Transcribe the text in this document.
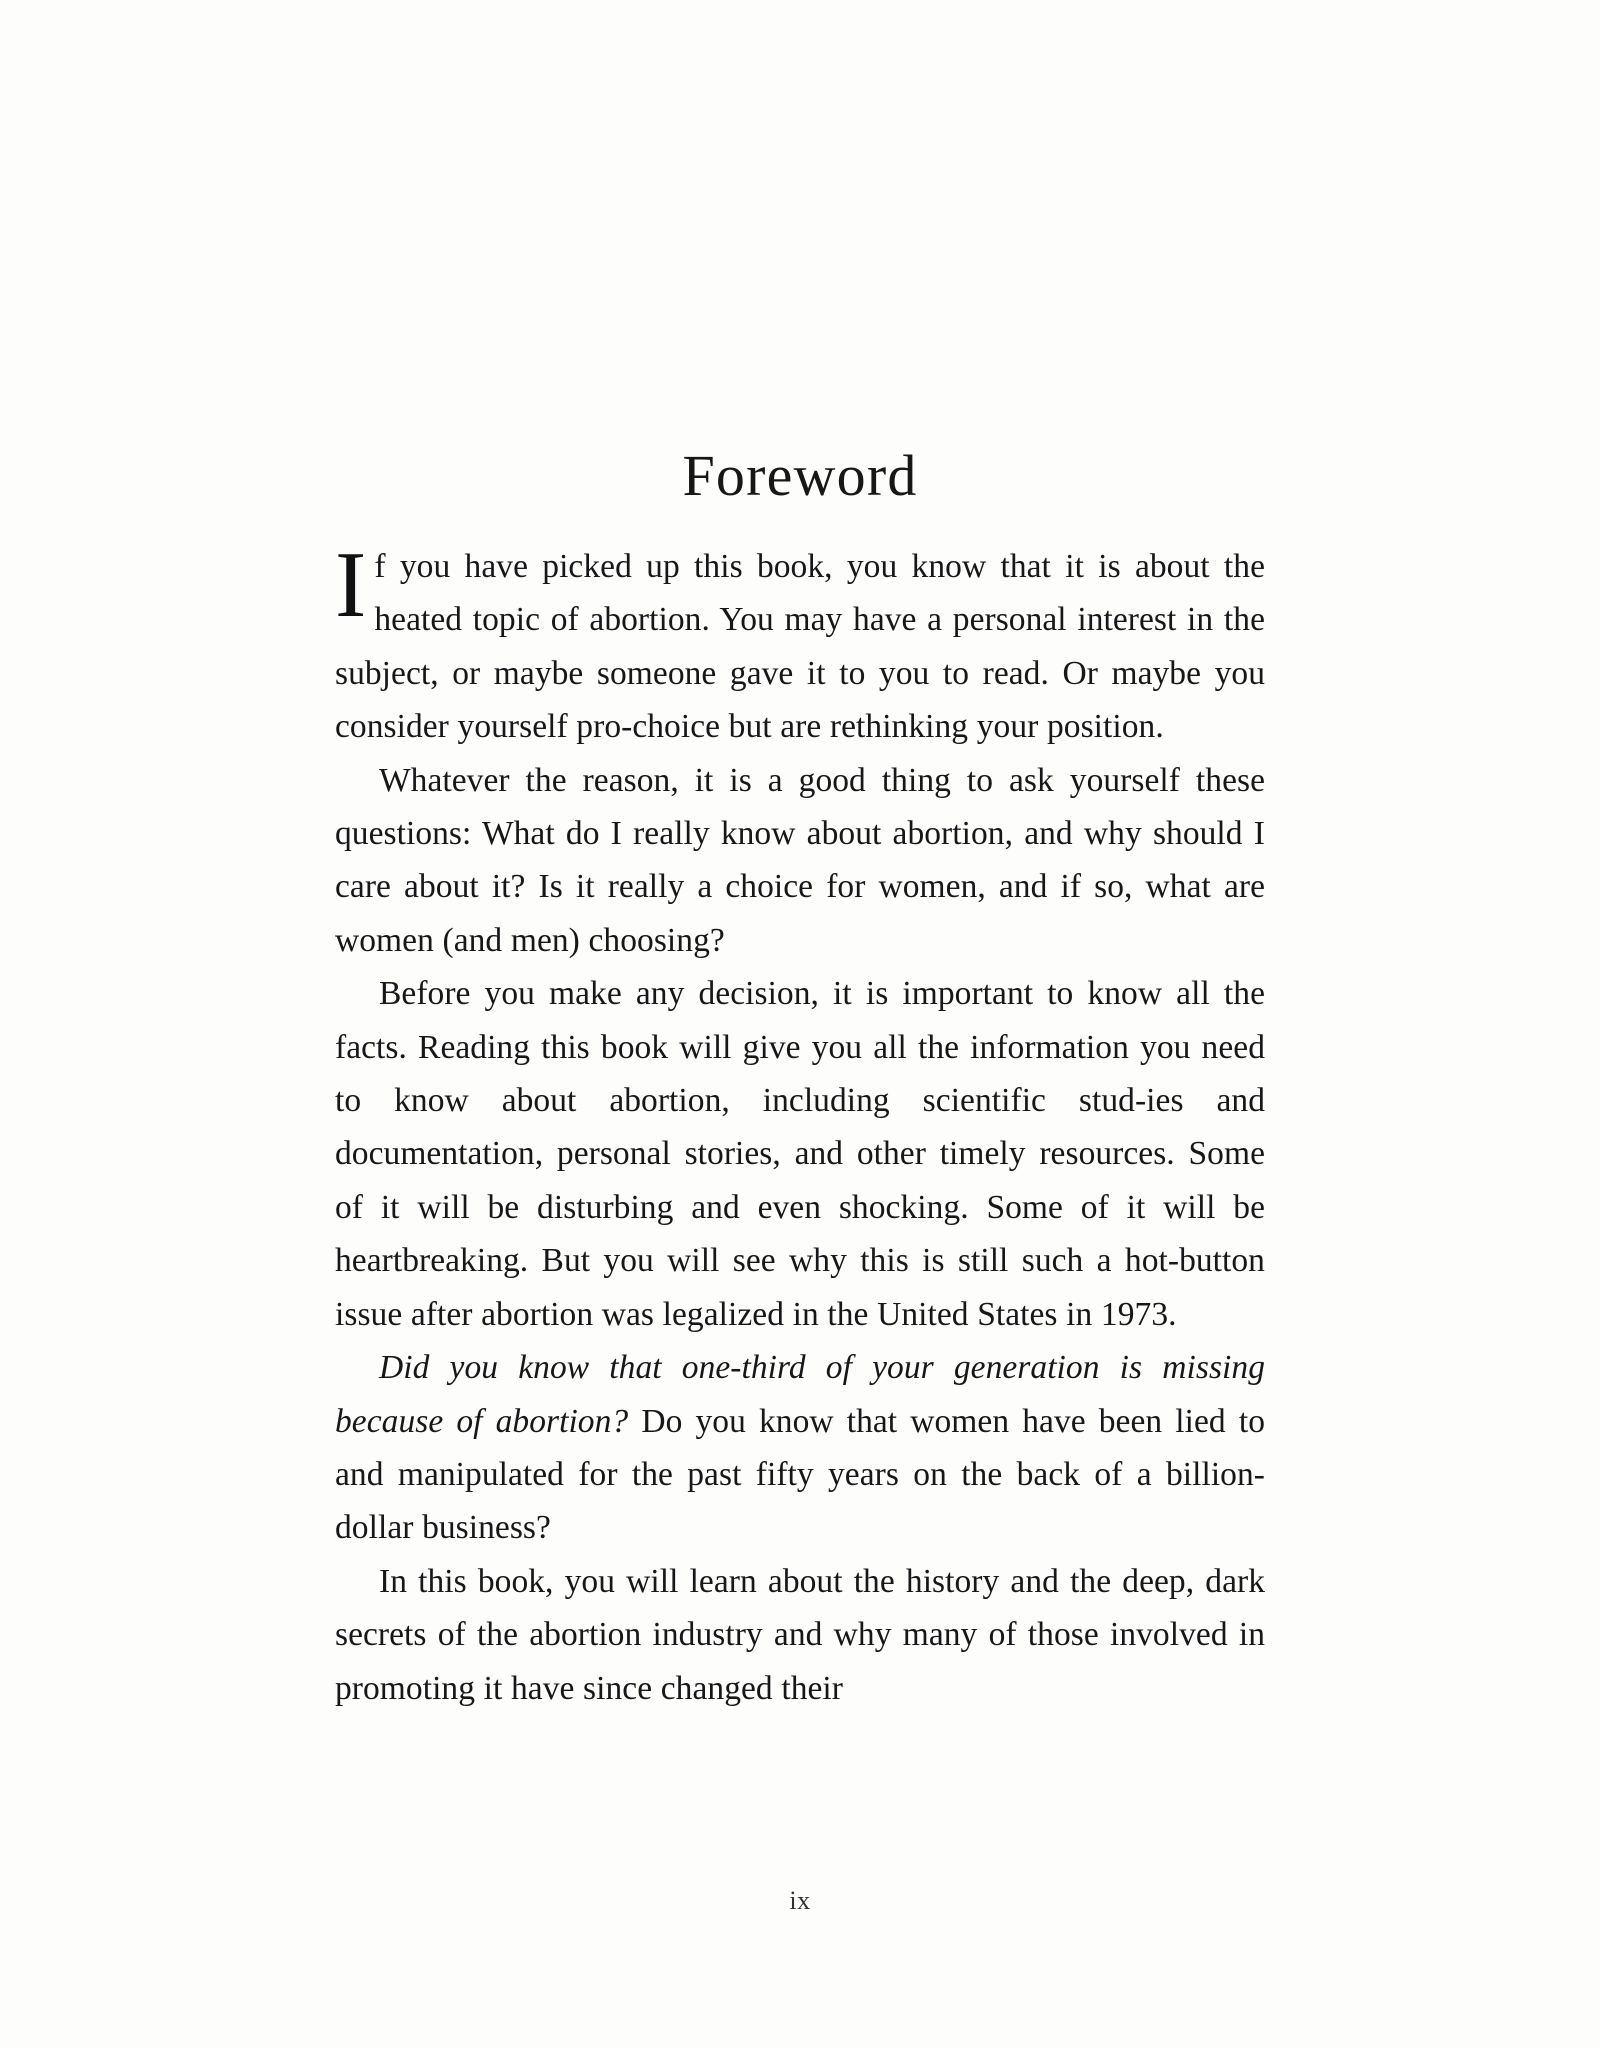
Foreword

If you have picked up this book, you know that it is about the heated topic of abortion. You may have a personal interest in the subject, or maybe someone gave it to you to read. Or maybe you consider yourself pro-choice but are rethinking your position.

Whatever the reason, it is a good thing to ask yourself these questions: What do I really know about abortion, and why should I care about it? Is it really a choice for women, and if so, what are women (and men) choosing?

Before you make any decision, it is important to know all the facts. Reading this book will give you all the information you need to know about abortion, including scientific stud-ies and documentation, personal stories, and other timely resources. Some of it will be disturbing and even shocking. Some of it will be heartbreaking. But you will see why this is still such a hot-button issue after abortion was legalized in the United States in 1973.

Did you know that one-third of your generation is missing because of abortion? Do you know that women have been lied to and manipulated for the past fifty years on the back of a billion-dollar business?

In this book, you will learn about the history and the deep, dark secrets of the abortion industry and why many of those involved in promoting it have since changed their

ix
